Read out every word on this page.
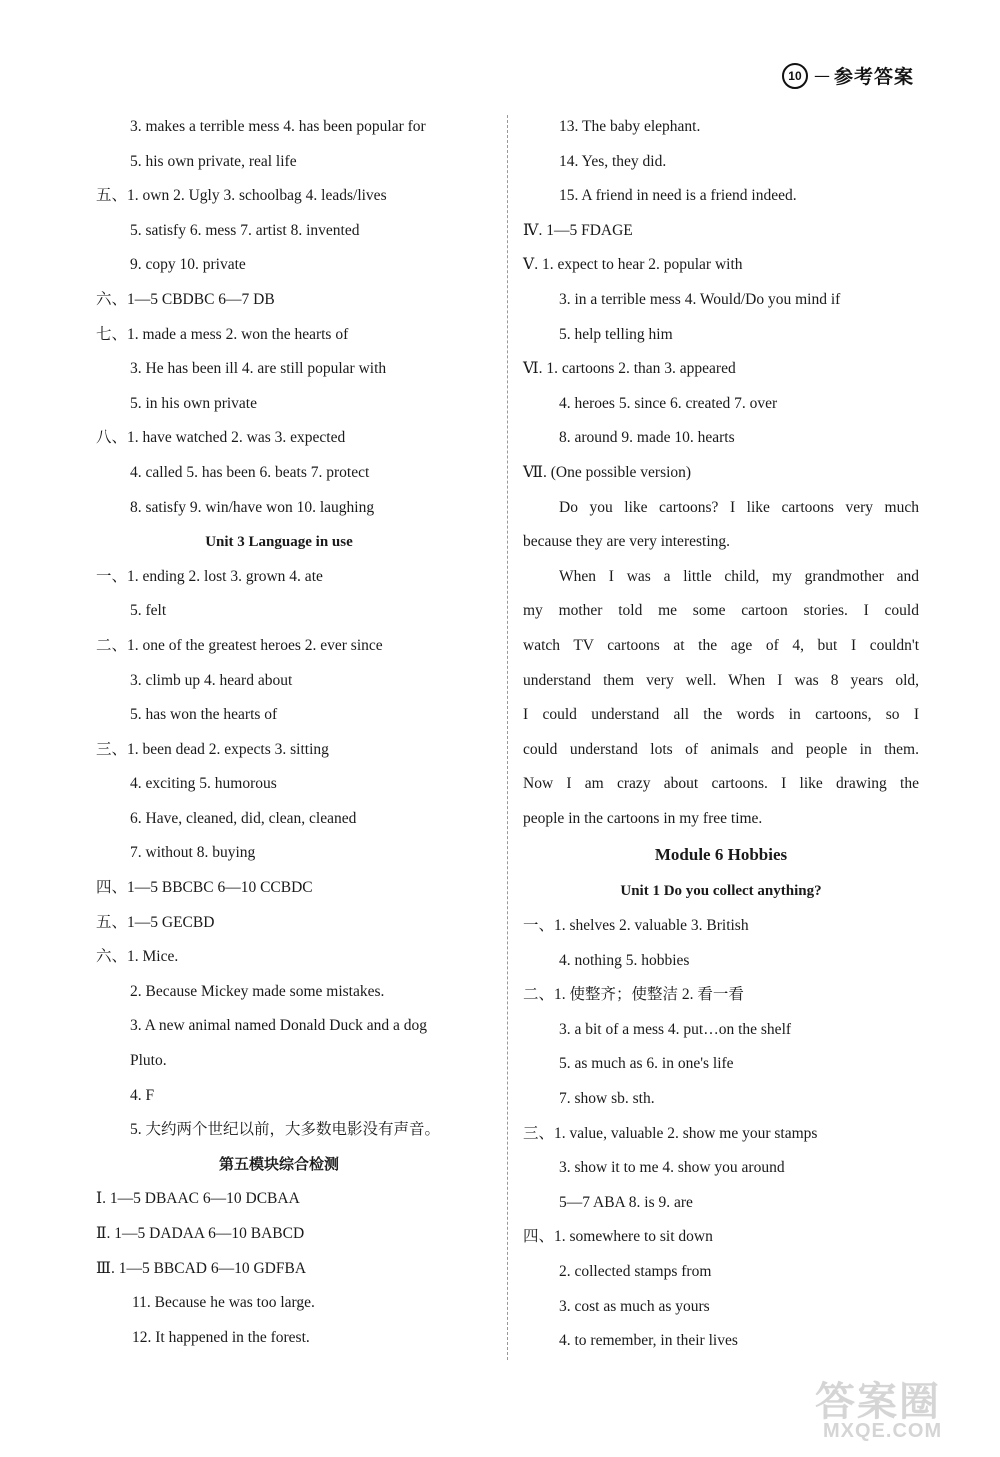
10 — 参考答案
3. makes a terrible mess 4. has been popular for
5. his own private, real life
五、1. own 2. Ugly 3. schoolbag 4. leads/lives
5. satisfy 6. mess 7. artist 8. invented
9. copy 10. private
六、1—5 CBDBC 6—7 DB
七、1. made a mess 2. won the hearts of
3. He has been ill 4. are still popular with
5. in his own private
八、1. have watched 2. was 3. expected
4. called 5. has been 6. beats 7. protect
8. satisfy 9. win/have won 10. laughing
Unit 3 Language in use
一、1. ending 2. lost 3. grown 4. ate
5. felt
二、1. one of the greatest heroes 2. ever since
3. climb up 4. heard about
5. has won the hearts of
三、1. been dead 2. expects 3. sitting
4. exciting 5. humorous
6. Have, cleaned, did, clean, cleaned
7. without 8. buying
四、1—5 BBCBC 6—10 CCBDC
五、1—5 GECBD
六、1. Mice.
2. Because Mickey made some mistakes.
3. A new animal named Donald Duck and a dog
Pluto.
4. F
5. 大约两个世纪以前，大多数电影没有声音。
第五模块综合检测
Ⅰ. 1—5 DBAAC 6—10 DCBAA
Ⅱ. 1—5 DADAA 6—10 BABCD
Ⅲ. 1—5 BBCAD 6—10 GDFBA
11. Because he was too large.
12. It happened in the forest.
13. The baby elephant.
14. Yes, they did.
15. A friend in need is a friend indeed.
Ⅳ. 1—5 FDAGE
Ⅴ. 1. expect to hear 2. popular with
3. in a terrible mess 4. Would/Do you mind if
5. help telling him
Ⅵ. 1. cartoons 2. than 3. appeared
4. heroes 5. since 6. created 7. over
8. around 9. made 10. hearts
Ⅶ. (One possible version)
Do you like cartoons? I like cartoons very much
because they are very interesting.
When I was a little child, my grandmother and
my mother told me some cartoon stories. I could
watch TV cartoons at the age of 4, but I couldn't
understand them very well. When I was 8 years old,
I could understand all the words in cartoons, so I
could understand lots of animals and people in them.
Now I am crazy about cartoons. I like drawing the
people in the cartoons in my free time.
Module 6 Hobbies
Unit 1 Do you collect anything?
一、1. shelves 2. valuable 3. British
4. nothing 5. hobbies
二、1. 使整齐；使整洁 2. 看一看
3. a bit of a mess 4. put…on the shelf
5. as much as 6. in one's life
7. show sb. sth.
三、1. value, valuable 2. show me your stamps
3. show it to me 4. show you around
5—7 ABA 8. is 9. are
四、1. somewhere to sit down
2. collected stamps from
3. cost as much as yours
4. to remember, in their lives
答案圈
MXQE.COM
